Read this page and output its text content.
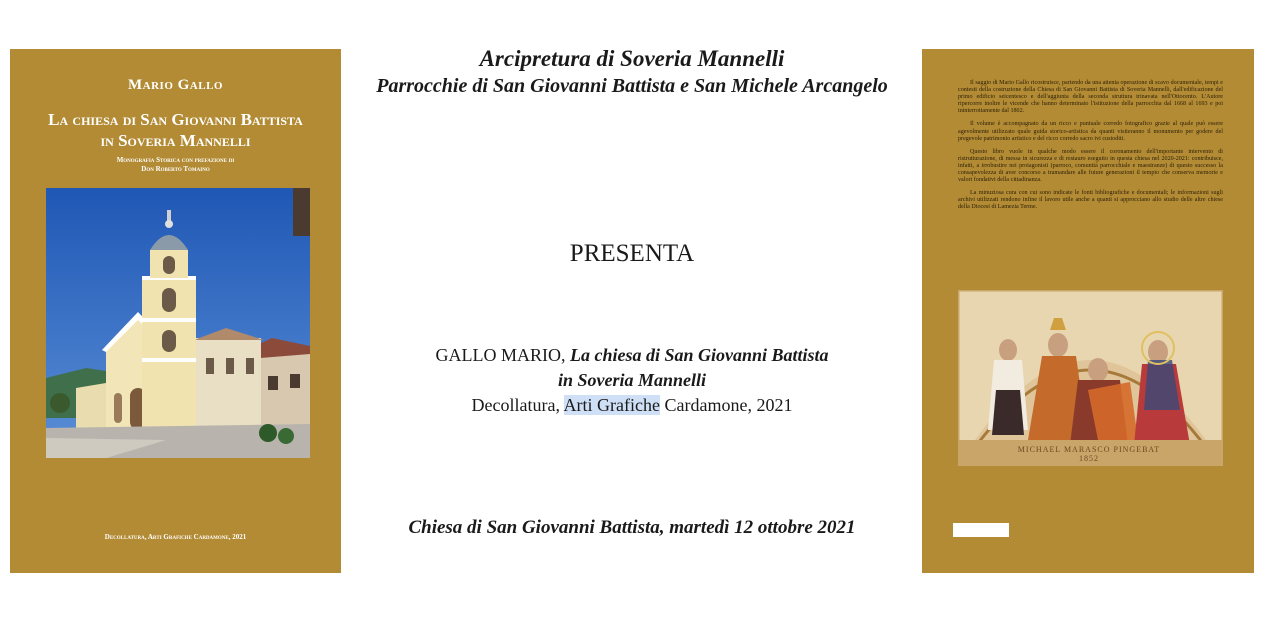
Mario Gallo
La chiesa di San Giovanni Battista
in Soveria Mannelli
Monografia Storica con prefazione di
Don Roberto Tomaino
Decollatura, Arti Grafiche Cardamone, 2021
Arcipretura di Soveria Mannelli
Parrocchie di San Giovanni Battista e San Michele Arcangelo
PRESENTA
GALLO MARIO, La chiesa di San Giovanni Battista
in Soveria Mannelli
Decollatura, Arti Grafiche Cardamone, 2021
Chiesa di San Giovanni Battista, martedì 12 ottobre 2021

Il saggio di Mario Gallo ricostruisce, partendo da una attenta operazione di scavo documentale, tempi e contesti della costruzione della Chiesa di San Giovanni Battista di Soveria Mannelli, dall'edificazione del primo edificio seicentesco e dell'aggiunta della seconda struttura trinavata nell'Ottocento. L'Autore ripercorre inoltre le vicende che hanno determinato l'istituzione della parrocchia dal 1668 al 1693 e poi ininterrottamente dal 1802.

Il volume è accompagnato da un ricco e puntuale corredo fotografico grazie al quale può essere agevolmente utilizzato quale guida storico-artistica da quanti visiteranno il monumento per godere del pregevole patrimonio artistico e del ricco corredo sacro ivi custoditi.

Questo libro vuole in qualche modo essere il coronamento dell'importante intervento di ristrutturazione, di messa in sicurezza e di restauro eseguito in questa chiesa nel 2020-2021: contribuisce, infatti, a irrobustire nei protagonisti (parroco, comunità parrocchiale e maestranze) di questo successo la consapevolezza di aver concorso a tramandare alle future generazioni il tempio che conserva memorie e valori fondativi della cittadinanza.

La minuziosa cura con cui sono indicate le fonti bibliografiche e documentali; le informazioni sugli archivi utilizzati rendono infine il lavoro utile anche a quanti si approcciano allo studio delle altre chiese della Diocesi di Lamezia Terme.

MICHAEL MARASCO PINGEBAT 1852
